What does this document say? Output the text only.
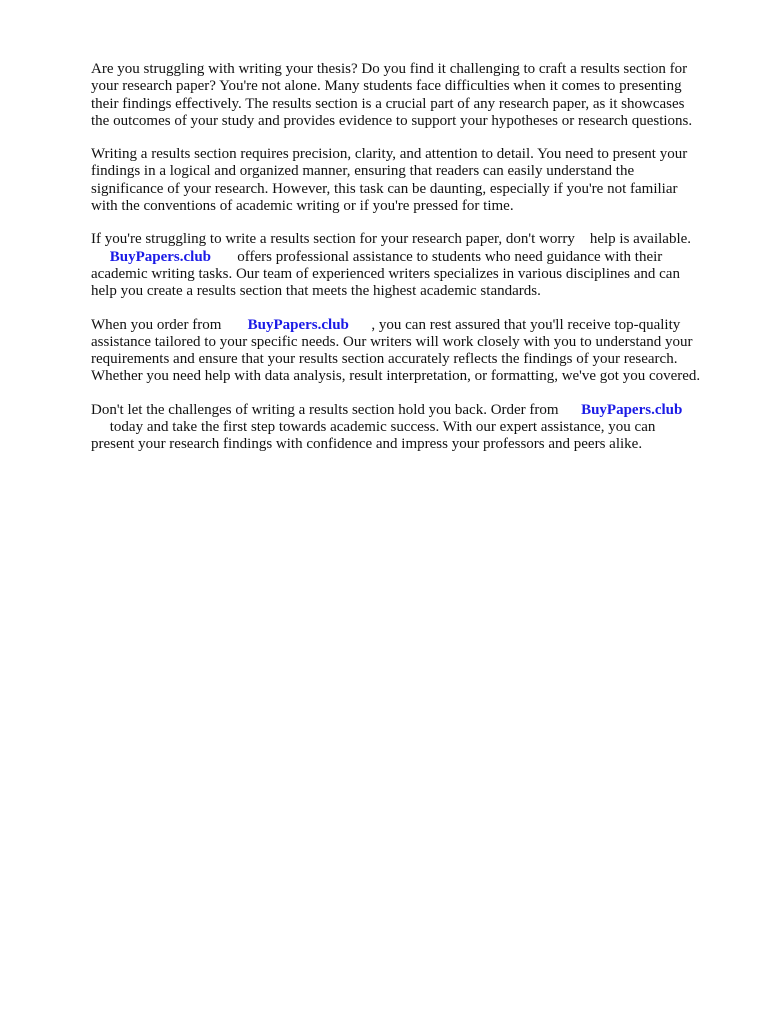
Are you struggling with writing your thesis? Do you find it challenging to craft a results section for
your research paper? You're not alone. Many students face difficulties when it comes to presenting
their findings effectively. The results section is a crucial part of any research paper, as it showcases
the outcomes of your study and provides evidence to support your hypotheses or research questions.

Writing a results section requires precision, clarity, and attention to detail. You need to present your
findings in a logical and organized manner, ensuring that readers can easily understand the
significance of your research. However, this task can be daunting, especially if you're not familiar
with the conventions of academic writing or if you're pressed for time.

If you're struggling to write a results section for your research paper, don't worry    help is available.
BuyPapers.club       offers professional assistance to students who need guidance with their
academic writing tasks. Our team of experienced writers specializes in various disciplines and can
help you create a results section that meets the highest academic standards.

When you order from       BuyPapers.club      , you can rest assured that you'll receive top-quality
assistance tailored to your specific needs. Our writers will work closely with you to understand your
requirements and ensure that your results section accurately reflects the findings of your research.
Whether you need help with data analysis, result interpretation, or formatting, we've got you covered.

Don't let the challenges of writing a results section hold you back. Order from      BuyPapers.club
today and take the first step towards academic success. With our expert assistance, you can
present your research findings with confidence and impress your professors and peers alike.
